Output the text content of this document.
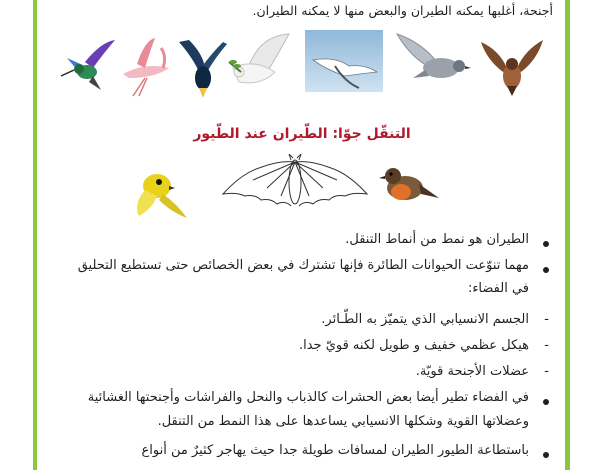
أجنحة، أغلبها يمكنه الطيران والبعض منها لا يمكنه الطيران.
التنقّل جوّا: الطّيران عند الطّيور
الطيران هو نمط من أنماط التنقل.
مهما تنوّعت الحيوانات الطائرة فإنها تشترك في بعض الخصائص حتى تستطيع التحليق
في الفضاء:
-
الجسم الانسيابي الذي يتميّز به الطّـائر.
-
هيكل عظمي خفيف و طويل لكنه قويّ جدا.
-
عضلات الأجنحة قويّة.
في الفضاء تطير أيضا بعض الحشرات كالذباب والنحل والفراشات وأجنحتها الغشائية
وعضلاتها القوية وشكلها الانسيابي يساعدها على هذا النمط من التنقل.
باستطاعة الطيور الطيران لمسافات طويلة جدا حيث يهاجر كثيرٌ من أنواع
